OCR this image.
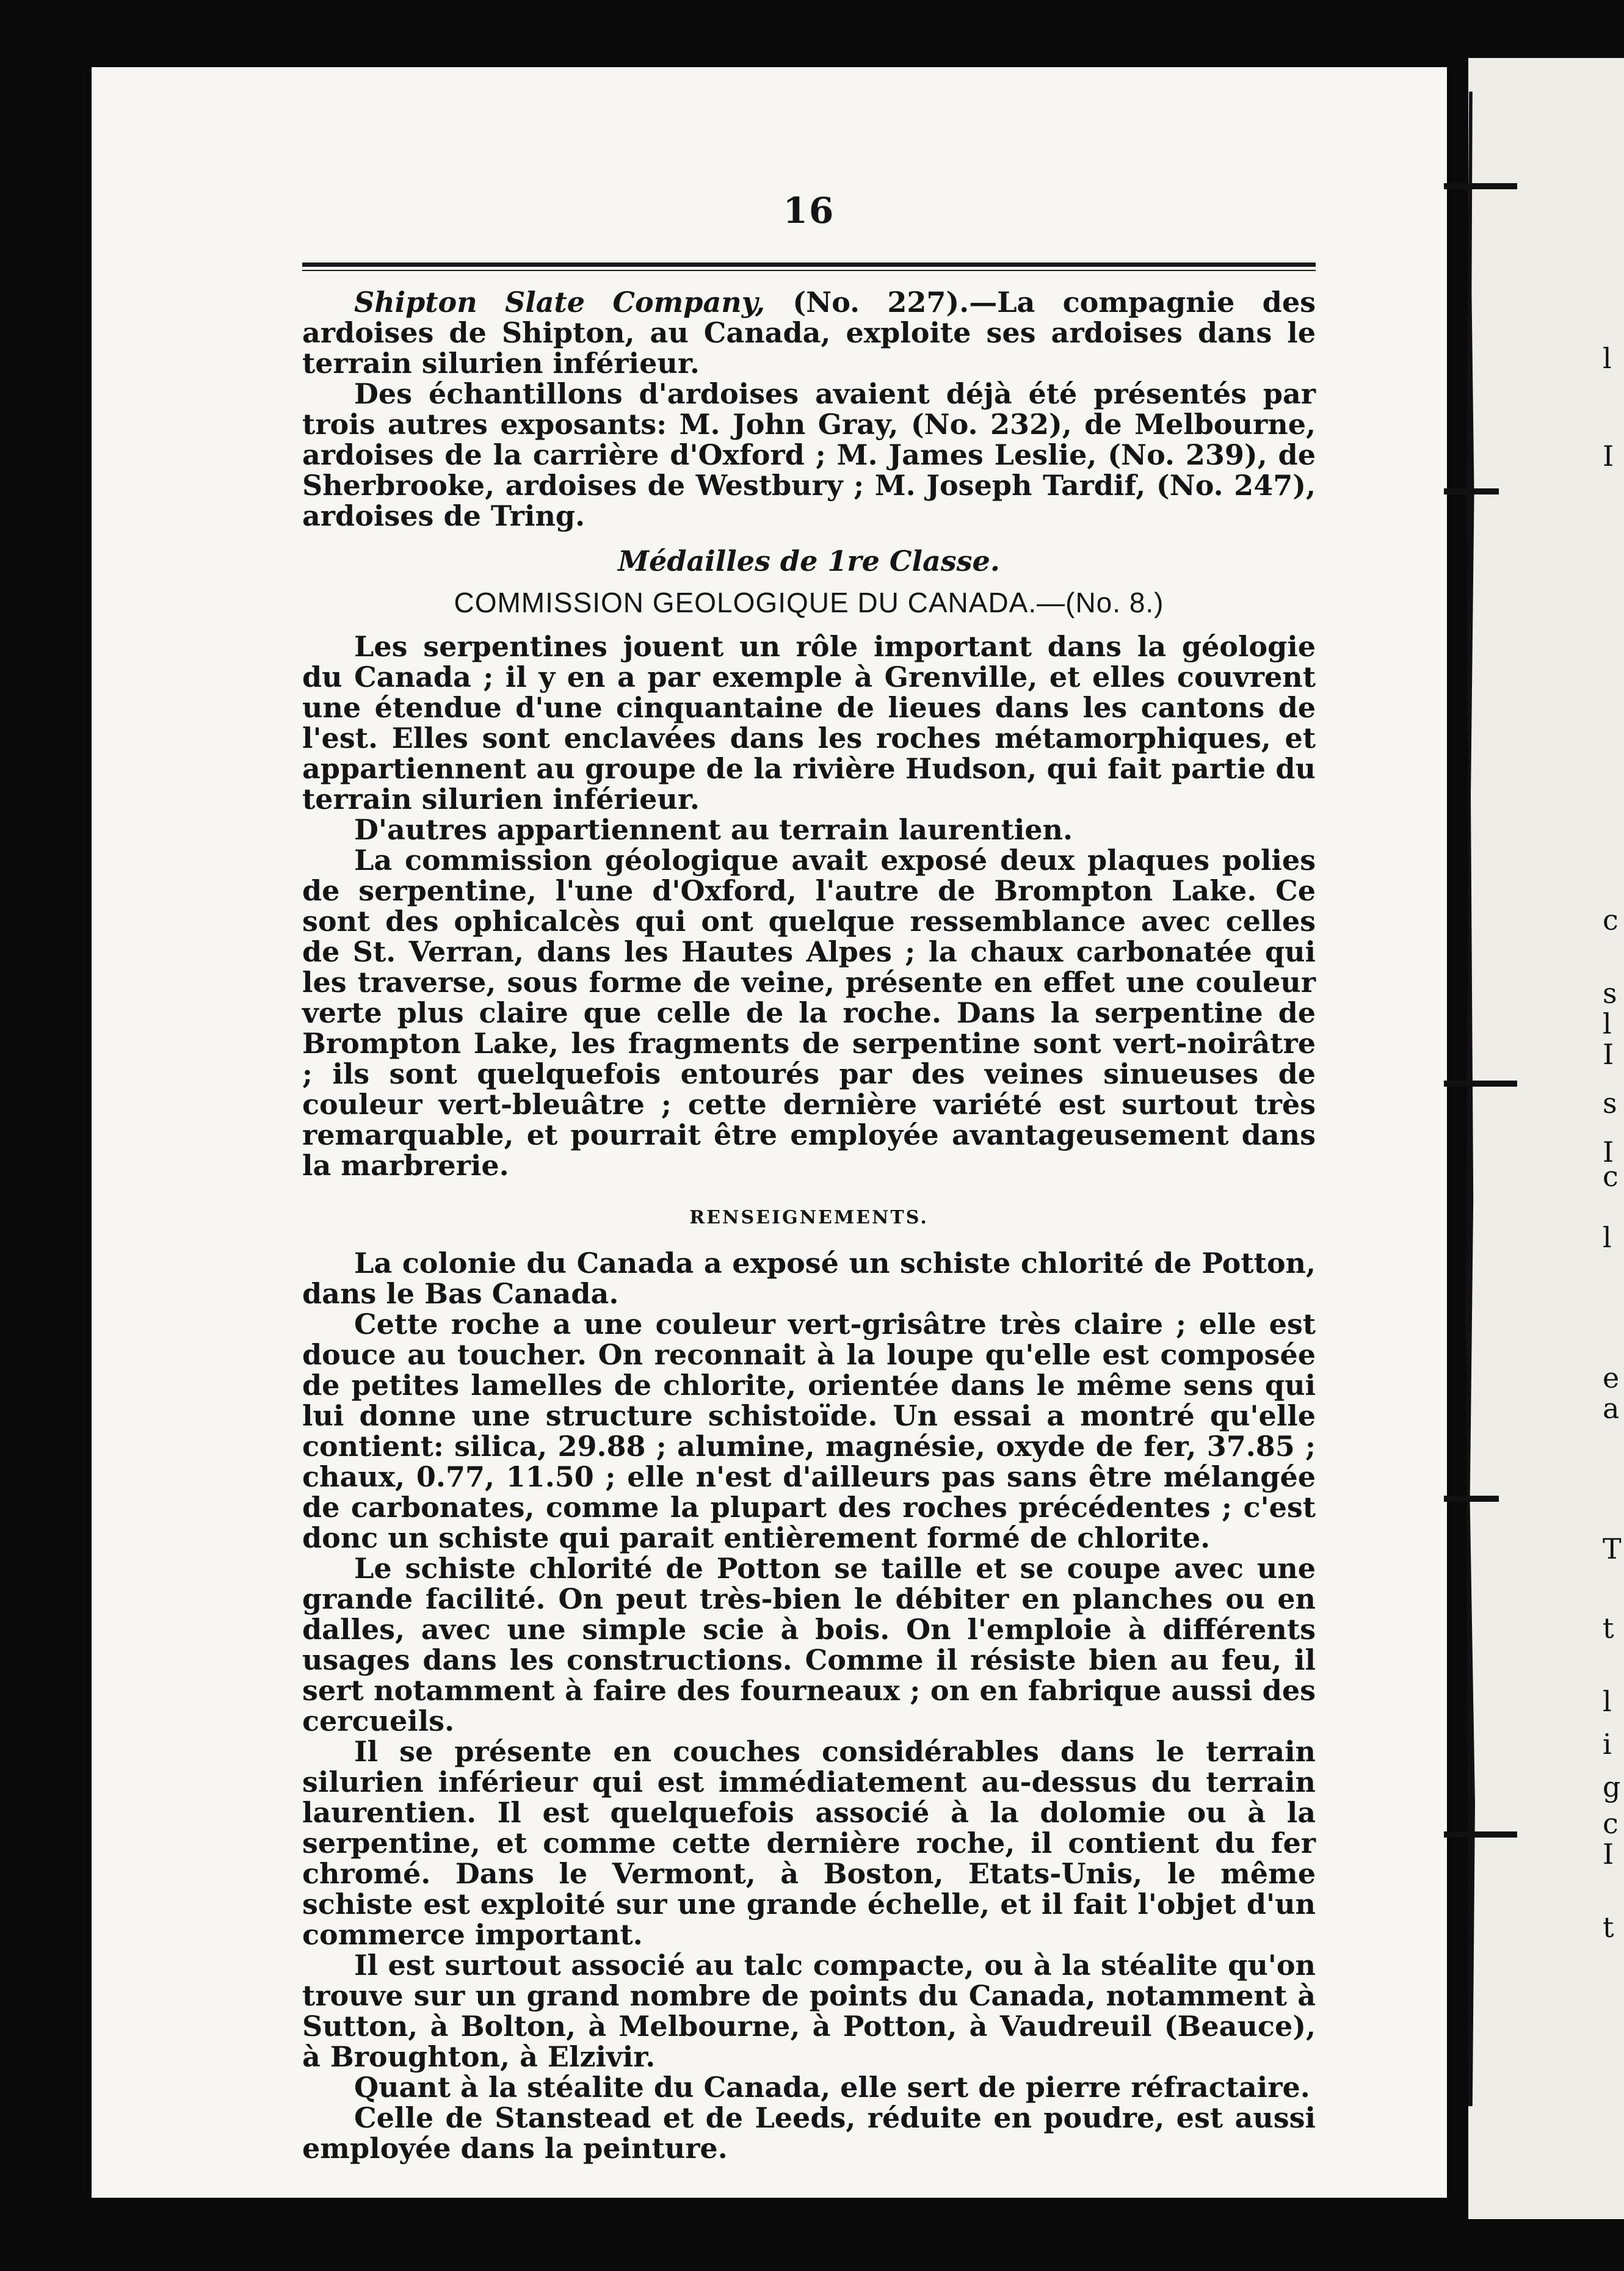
16

Shipton Slate Company, (No. 227).—La compagnie des ardoises de Shipton, au Canada, exploite ses ardoises dans le terrain silurien inférieur.

Des échantillons d'ardoises avaient déjà été présentés par trois autres exposants: M. John Gray, (No. 232), de Melbourne, ardoises de la carrière d'Oxford ; M. James Leslie, (No. 239), de Sherbrooke, ardoises de Westbury ; M. Joseph Tardif, (No. 247), ardoises de Tring.

Médailles de 1re Classe.

COMMISSION GEOLOGIQUE DU CANADA.—(No. 8.)

Les serpentines jouent un rôle important dans la géologie du Canada ; il y en a par exemple à Grenville, et elles couvrent une étendue d'une cinquantaine de lieues dans les cantons de l'est. Elles sont enclavées dans les roches métamorphiques, et appartiennent au groupe de la rivière Hudson, qui fait partie du terrain silurien inférieur.

D'autres appartiennent au terrain laurentien.

La commission géologique avait exposé deux plaques polies de serpentine, l'une d'Oxford, l'autre de Brompton Lake. Ce sont des ophicalcès qui ont quelque ressemblance avec celles de St. Verran, dans les Hautes Alpes ; la chaux carbonatée qui les traverse, sous forme de veine, présente en effet une couleur verte plus claire que celle de la roche. Dans la serpentine de Brompton Lake, les fragments de serpentine sont vert-noirâtre ; ils sont quelquefois entourés par des veines sinueuses de couleur vert-bleuâtre ; cette dernière variété est surtout très remarquable, et pourrait être employée avantageusement dans la marbrerie.

RENSEIGNEMENTS.

La colonie du Canada a exposé un schiste chlorité de Potton, dans le Bas Canada.

Cette roche a une couleur vert-grisâtre très claire ; elle est douce au toucher. On reconnait à la loupe qu'elle est composée de petites lamelles de chlorite, orientée dans le même sens qui lui donne une structure schistoïde. Un essai a montré qu'elle contient: silica, 29.88 ; alumine, magnésie, oxyde de fer, 37.85 ; chaux, 0.77, 11.50 ; elle n'est d'ailleurs pas sans être mélangée de carbonates, comme la plupart des roches précédentes ; c'est donc un schiste qui parait entièrement formé de chlorite.

Le schiste chlorité de Potton se taille et se coupe avec une grande facilité. On peut très-bien le débiter en planches ou en dalles, avec une simple scie à bois. On l'emploie à différents usages dans les constructions. Comme il résiste bien au feu, il sert notamment à faire des fourneaux ; on en fabrique aussi des cercueils.

Il se présente en couches considérables dans le terrain silurien inférieur qui est immédiatement au-dessus du terrain laurentien. Il est quelquefois associé à la dolomie ou à la serpentine, et comme cette dernière roche, il contient du fer chromé. Dans le Vermont, à Boston, Etats-Unis, le même schiste est exploité sur une grande échelle, et il fait l'objet d'un commerce important.

Il est surtout associé au talc compacte, ou à la stéalite qu'on trouve sur un grand nombre de points du Canada, notamment à Sutton, à Bolton, à Melbourne, à Potton, à Vaudreuil (Beauce), à Broughton, à Elzivir.

Quant à la stéalite du Canada, elle sert de pierre réfractaire.

Celle de Stanstead et de Leeds, réduite en poudre, est aussi employée dans la peinture.

l
I
c
s
l
I
s
I
c
l
e
a
T
t
l
i
g
c
I
t
